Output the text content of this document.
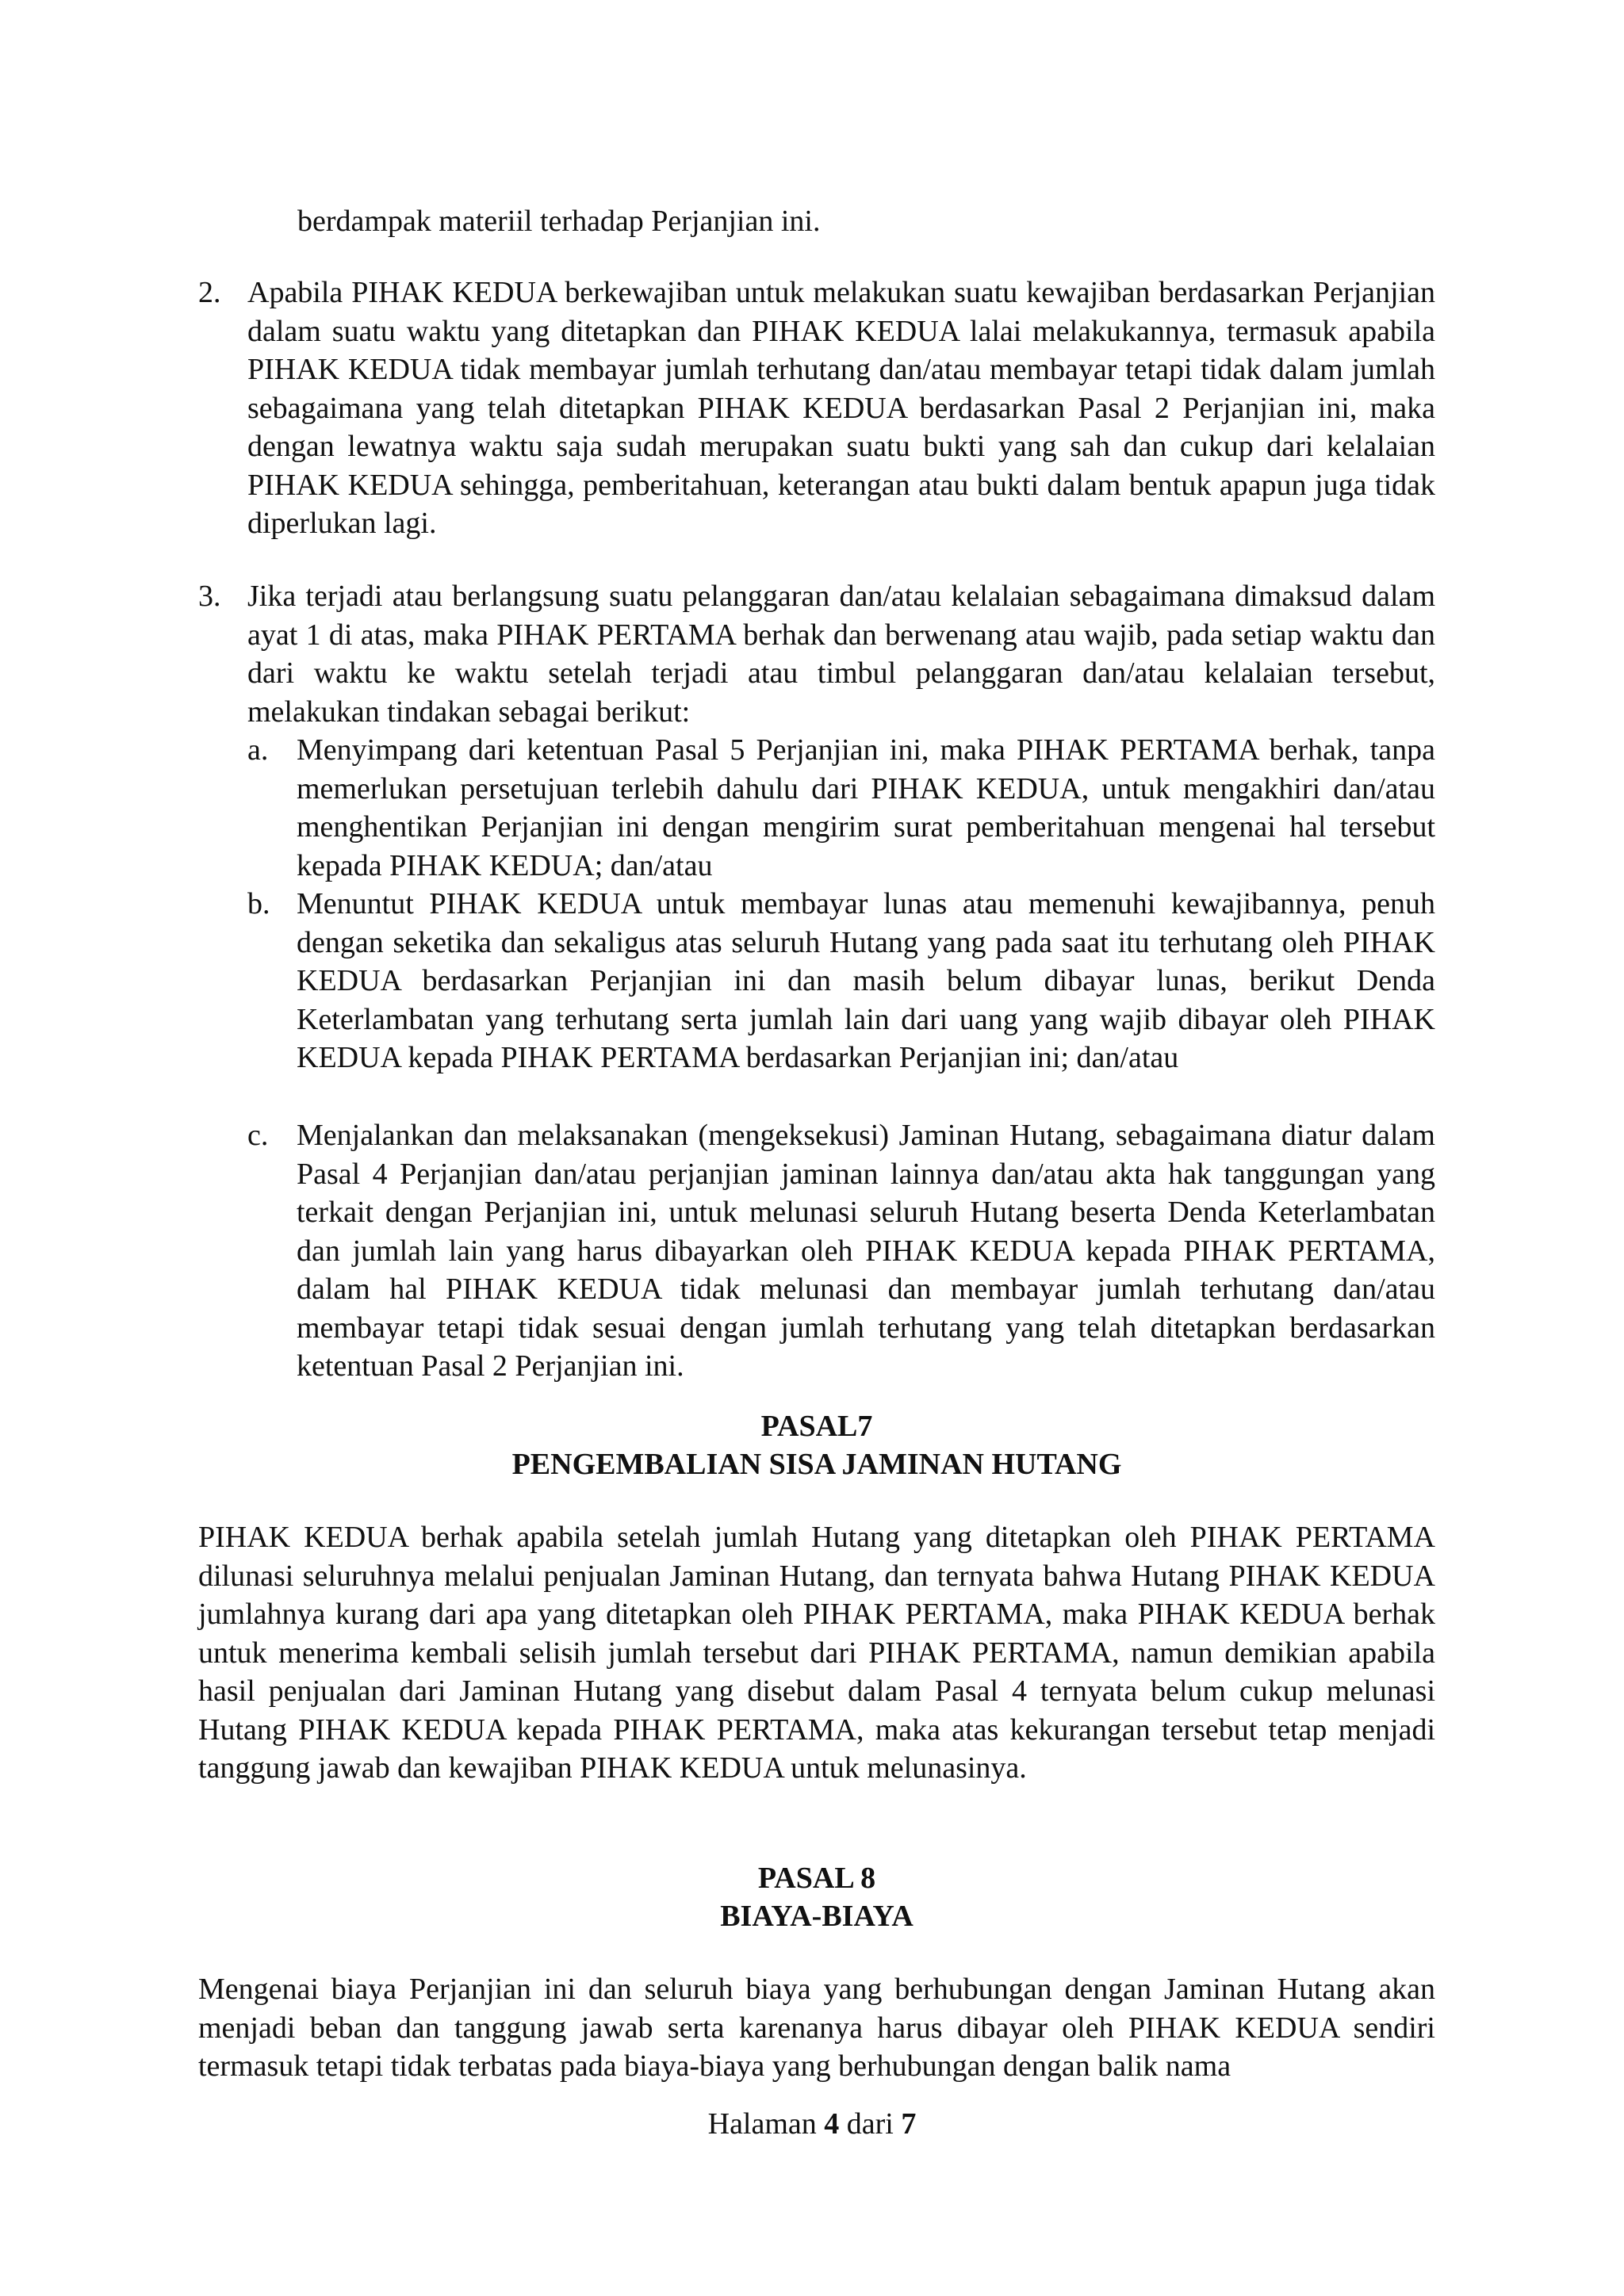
berdampak materiil terhadap Perjanjian ini.

2. Apabila PIHAK KEDUA berkewajiban untuk melakukan suatu kewajiban berdasarkan Perjanjian dalam suatu waktu yang ditetapkan dan PIHAK KEDUA lalai melakukannya, termasuk apabila PIHAK KEDUA tidak membayar jumlah terhutang dan/atau membayar tetapi tidak dalam jumlah sebagaimana yang telah ditetapkan PIHAK KEDUA berdasarkan Pasal 2 Perjanjian ini, maka dengan lewatnya waktu saja sudah merupakan suatu bukti yang sah dan cukup dari kelalaian PIHAK KEDUA sehingga, pemberitahuan, keterangan atau bukti dalam bentuk apapun juga tidak diperlukan lagi.

3. Jika terjadi atau berlangsung suatu pelanggaran dan/atau kelalaian sebagaimana dimaksud dalam ayat 1 di atas, maka PIHAK PERTAMA berhak dan berwenang atau wajib, pada setiap waktu dan dari waktu ke waktu setelah terjadi atau timbul pelanggaran dan/atau kelalaian tersebut, melakukan tindakan sebagai berikut:

a. Menyimpang dari ketentuan Pasal 5 Perjanjian ini, maka PIHAK PERTAMA berhak, tanpa memerlukan persetujuan terlebih dahulu dari PIHAK KEDUA, untuk mengakhiri dan/atau menghentikan Perjanjian ini dengan mengirim surat pemberitahuan mengenai hal tersebut kepada PIHAK KEDUA; dan/atau

b. Menuntut PIHAK KEDUA untuk membayar lunas atau memenuhi kewajibannya, penuh dengan seketika dan sekaligus atas seluruh Hutang yang pada saat itu terhutang oleh PIHAK KEDUA berdasarkan Perjanjian ini dan masih belum dibayar lunas, berikut Denda Keterlambatan yang terhutang serta jumlah lain dari uang yang wajib dibayar oleh PIHAK KEDUA kepada PIHAK PERTAMA berdasarkan Perjanjian ini; dan/atau

c. Menjalankan dan melaksanakan (mengeksekusi) Jaminan Hutang, sebagaimana diatur dalam Pasal 4 Perjanjian dan/atau perjanjian jaminan lainnya dan/atau akta hak tanggungan yang terkait dengan Perjanjian ini, untuk melunasi seluruh Hutang beserta Denda Keterlambatan dan jumlah lain yang harus dibayarkan oleh PIHAK KEDUA kepada PIHAK PERTAMA, dalam hal PIHAK KEDUA tidak melunasi dan membayar jumlah terhutang dan/atau membayar tetapi tidak sesuai dengan jumlah terhutang yang telah ditetapkan berdasarkan ketentuan Pasal 2 Perjanjian ini.

PASAL7
PENGEMBALIAN SISA JAMINAN HUTANG

PIHAK KEDUA berhak apabila setelah jumlah Hutang yang ditetapkan oleh PIHAK PERTAMA dilunasi seluruhnya melalui penjualan Jaminan Hutang, dan ternyata bahwa Hutang PIHAK KEDUA jumlahnya kurang dari apa yang ditetapkan oleh PIHAK PERTAMA, maka PIHAK KEDUA berhak untuk menerima kembali selisih jumlah tersebut dari PIHAK PERTAMA, namun demikian apabila hasil penjualan dari Jaminan Hutang yang disebut dalam Pasal 4 ternyata belum cukup melunasi Hutang PIHAK KEDUA kepada PIHAK PERTAMA, maka atas kekurangan tersebut tetap menjadi tanggung jawab dan kewajiban PIHAK KEDUA untuk melunasinya.

PASAL 8
BIAYA-BIAYA

Mengenai biaya Perjanjian ini dan seluruh biaya yang berhubungan dengan Jaminan Hutang akan menjadi beban dan tanggung jawab serta karenanya harus dibayar oleh PIHAK KEDUA sendiri termasuk tetapi tidak terbatas pada biaya-biaya yang berhubungan dengan balik nama

Halaman 4 dari 7
